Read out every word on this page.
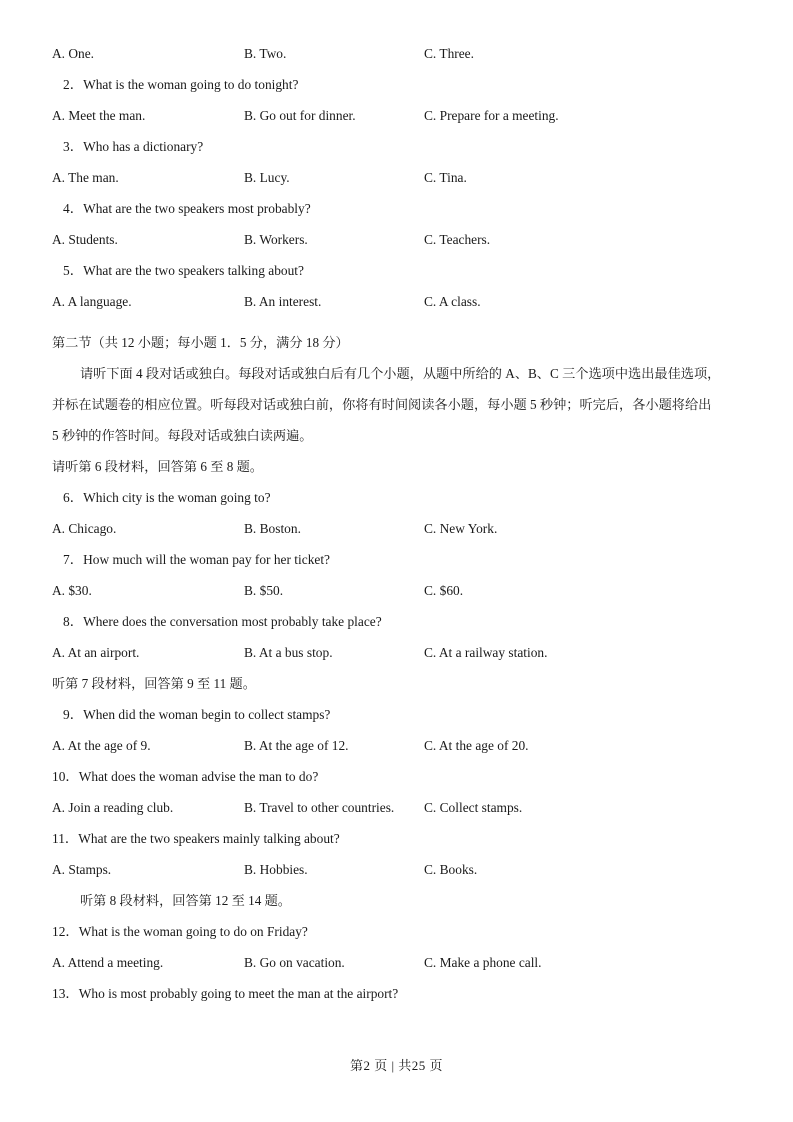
A. One.	B. Two.	C. Three.
2．What is the woman going to do tonight?
A. Meet the man.	B. Go out for dinner.	C. Prepare for a meeting.
3．Who has a dictionary?
A. The man.	B. Lucy.	C. Tina.
4．What are the two speakers most probably?
A. Students.	B. Workers.	C. Teachers.
5．What are the two speakers talking about?
A. A language.	B. An interest.	C. A class.
第二节（共 12 小题；每小题 1．5 分，满分 18 分）
请听下面 4 段对话或独白。每段对话或独白后有几个小题，从题中所给的 A、B、C 三个选项中选出最佳选项，
并标在试题卷的相应位置。听每段对话或独白前，你将有时间阅读各小题，每小题 5 秒钟；听完后，各小题将给出
5 秒钟的作答时间。每段对话或独白读两遍。
请听第 6 段材料，回答第 6 至 8 题。
6．Which city is the woman going to?
A. Chicago.	B. Boston.	C. New York.
7．How much will the woman pay for her ticket?
A. $30.	B. $50.	C. $60.
8．Where does the conversation most probably take place?
A. At an airport.	B. At a bus stop.	C. At a railway station.
听第 7 段材料，回答第 9 至 11 题。
9．When did the woman begin to collect stamps?
A. At the age of 9.	B. At the age of 12.	C. At the age of 20.
10．What does the woman advise the man to do?
A. Join a reading club.	B. Travel to other countries.	C. Collect stamps.
11．What are the two speakers mainly talking about?
A. Stamps.	B. Hobbies.	C. Books.
听第 8 段材料，回答第 12 至 14 题。
12．What is the woman going to do on Friday?
A. Attend a meeting.	B. Go on vacation.	C. Make a phone call.
13．Who is most probably going to meet the man at the airport?
第2 页 | 共25 页
